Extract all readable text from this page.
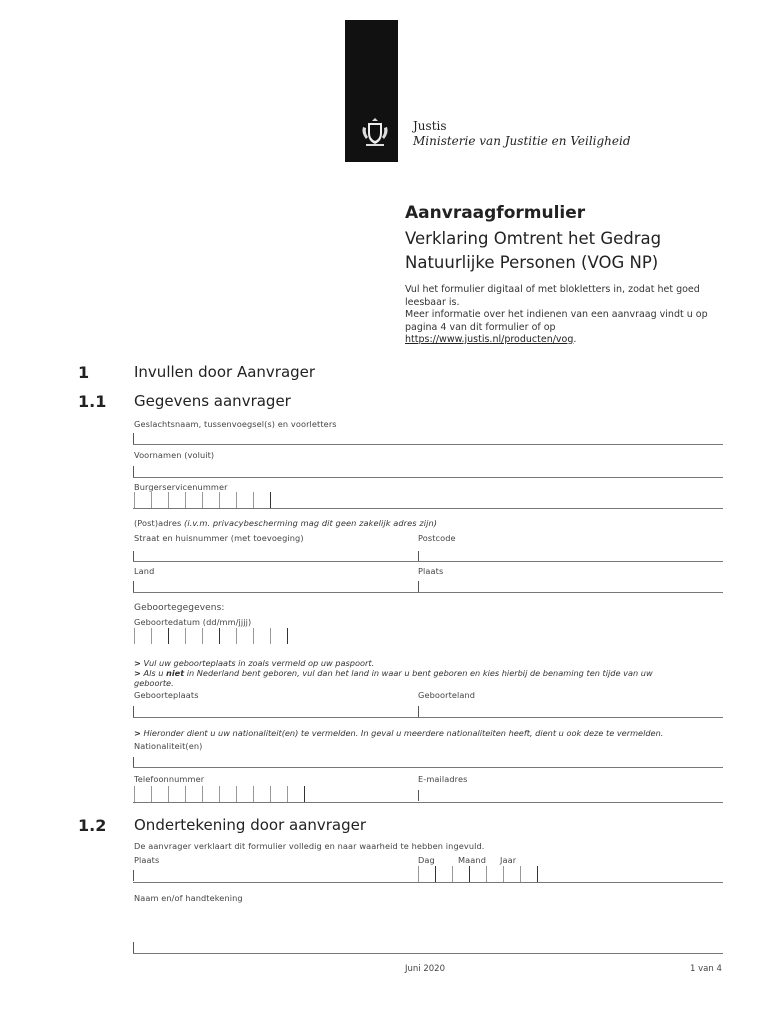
Justis
Ministerie van Justitie en Veiligheid
Aanvraagformulier
Verklaring Omtrent het Gedrag
Natuurlijke Personen (VOG NP)
Vul het formulier digitaal of met blokletters in, zodat het goed leesbaar is.
Meer informatie over het indienen van een aanvraag vindt u op pagina 4 van dit formulier of op https://www.justis.nl/producten/vog.
1	Invullen door Aanvrager
1.1 Gegevens aanvrager
Geslachtsnaam, tussenvoegsel(s) en voorletters
Voornamen (voluit)
Burgerservicenummer
(Post)adres (i.v.m. privacybescherming mag dit geen zakelijk adres zijn)
Straat en huisnummer (met toevoeging)	Postcode
Land	Plaats
Geboortegegevens:
Geboortedatum (dd/mm/jjjj)
> Vul uw geboorteplaats in zoals vermeld op uw paspoort.
> Als u niet in Nederland bent geboren, vul dan het land in waar u bent geboren en kies hierbij de benaming ten tijde van uw geboorte.
Geboorteplaats	Geboorteland
> Hieronder dient u uw nationaliteit(en) te vermelden. In geval u meerdere nationaliteiten heeft, dient u ook deze te vermelden.
Nationaliteit(en)
Telefoonnummer	E-mailadres
1.2 Ondertekening door aanvrager
De aanvrager verklaart dit formulier volledig en naar waarheid te hebben ingevuld.
Plaats	Dag	Maand Jaar
Naam en/of handtekening
Juni 2020	1 van 4
